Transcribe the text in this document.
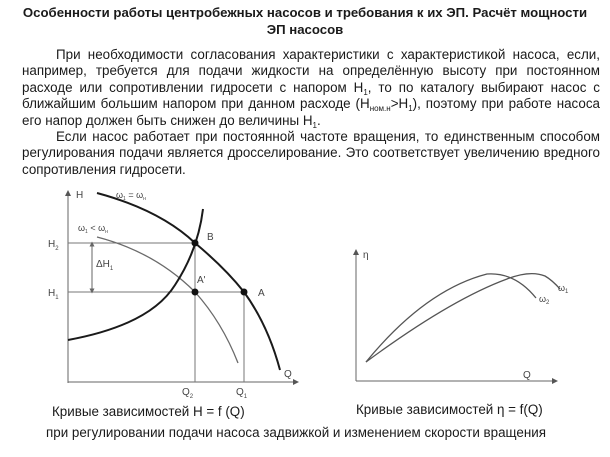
Особенности работы центробежных насосов и требования к их ЭП. Расчёт мощности
ЭП насосов
При необходимости согласования характеристики с характеристикой насоса, если, например, требуется для подачи жидкости на определённую высоту при постоянном расходе или сопротивлении гидросети с напором $H_1$, то по каталогу выбирают насос с ближайшим большим напором при данном расходе $(H_{ном.н}>H_1)$, поэтому при работе насоса его напор должен быть снижен до величины $H_1$.
Если насос работает при постоянной частоте вращения, то единственным способом регулирования подачи является дросселирование. Это соответствует увеличению вредного сопротивления гидросети.
H
Q
$H_2$
$H_1$
$Q_2$	$Q_1$
$\Delta H_1$
B
A'
A
$\omega_1 = \omega_н$
$\omega_1 < \omega_н$
η
Q
$\omega_1$
$\omega_2$
Кривые зависимостей H = f (Q)	Кривые зависимостей η = f(Q)
при регулировании подачи насоса задвижкой и изменением скорости вращения
